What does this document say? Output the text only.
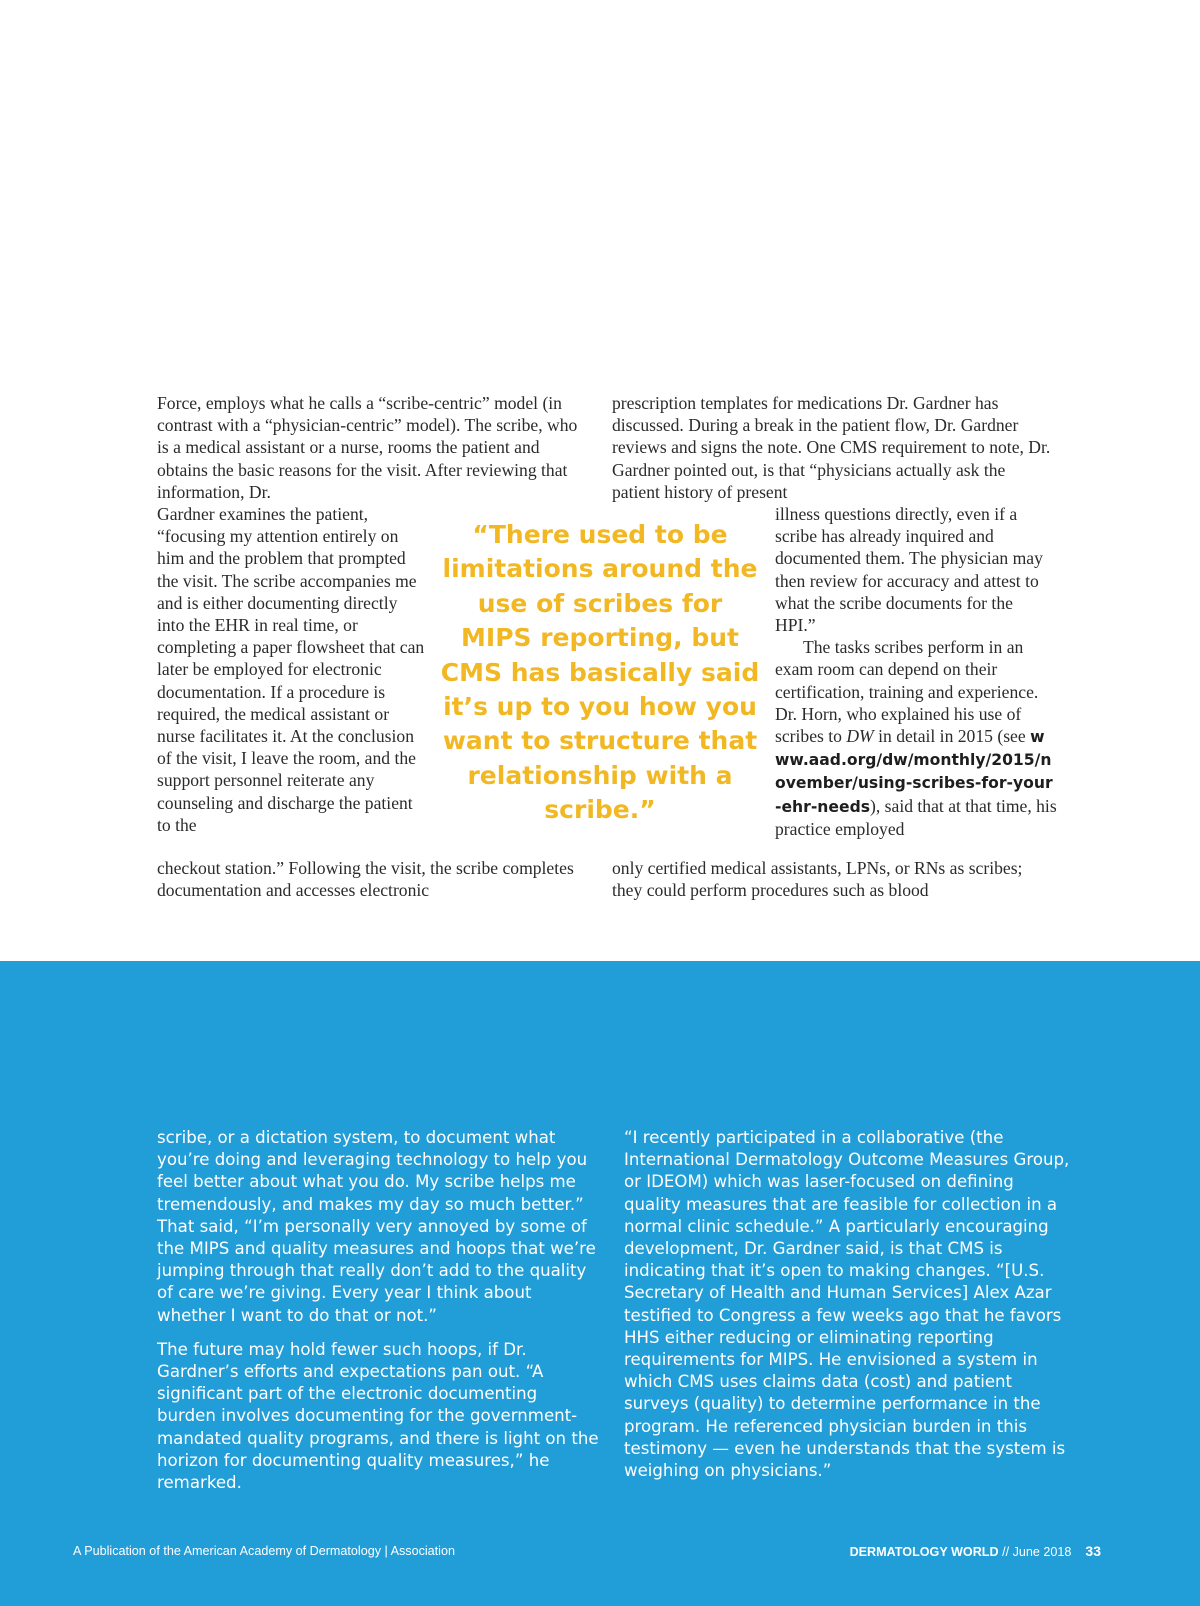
Force, employs what he calls a “scribe-centric” model (in contrast with a “physician-centric” model). The scribe, who is a medical assistant or a nurse, rooms the patient and obtains the basic reasons for the visit. After reviewing that information, Dr.

Gardner examines the patient, “focusing my attention entirely on him and the problem that prompted the visit. The scribe accompanies me and is either documenting directly into the EHR in real time, or completing a paper flowsheet that can later be employed for electronic documentation. If a procedure is required, the medical assistant or nurse facilitates it. At the conclusion of the visit, I leave the room, and the support personnel reiterate any counseling and discharge the patient to the

checkout station.” Following the visit, the scribe completes documentation and accesses electronic

prescription templates for medications Dr. Gardner has discussed. During a break in the patient flow, Dr. Gardner reviews and signs the note. One CMS requirement to note, Dr. Gardner pointed out, is that “physicians actually ask the patient history of present

illness questions directly, even if a scribe has already inquired and documented them. The physician may then review for accuracy and attest to what the scribe documents for the HPI.”

The tasks scribes perform in an exam room can depend on their certification, training and experience. Dr. Horn, who explained his use of scribes to DW in detail in 2015 (see www.aad.org/dw/monthly/2015/november/using-scribes-for-your-ehr-needs), said that at that time, his practice employed

only certified medical assistants, LPNs, or RNs as scribes; they could perform procedures such as blood

“There used to be limitations around the use of scribes for MIPS reporting, but CMS has basically said it’s up to you how you want to structure that relationship with a scribe.”

scribe, or a dictation system, to document what you’re doing and leveraging technology to help you feel better about what you do. My scribe helps me tremendously, and makes my day so much better.” That said, “I’m personally very annoyed by some of the MIPS and quality measures and hoops that we’re jumping through that really don’t add to the quality of care we’re giving. Every year I think about whether I want to do that or not.”

The future may hold fewer such hoops, if Dr. Gardner’s efforts and expectations pan out. “A significant part of the electronic documenting burden involves documenting for the government-mandated quality programs, and there is light on the horizon for documenting quality measures,” he remarked.

“I recently participated in a collaborative (the International Dermatology Outcome Measures Group, or IDEOM) which was laser-focused on defining quality measures that are feasible for collection in a normal clinic schedule.” A particularly encouraging development, Dr. Gardner said, is that CMS is indicating that it’s open to making changes. “[U.S. Secretary of Health and Human Services] Alex Azar testified to Congress a few weeks ago that he favors HHS either reducing or eliminating reporting requirements for MIPS. He envisioned a system in which CMS uses claims data (cost) and patient surveys (quality) to determine performance in the program. He referenced physician burden in this testimony — even he understands that the system is weighing on physicians.”

A Publication of the American Academy of Dermatology | Association	DERMATOLOGY WORLD // June 2018 33
